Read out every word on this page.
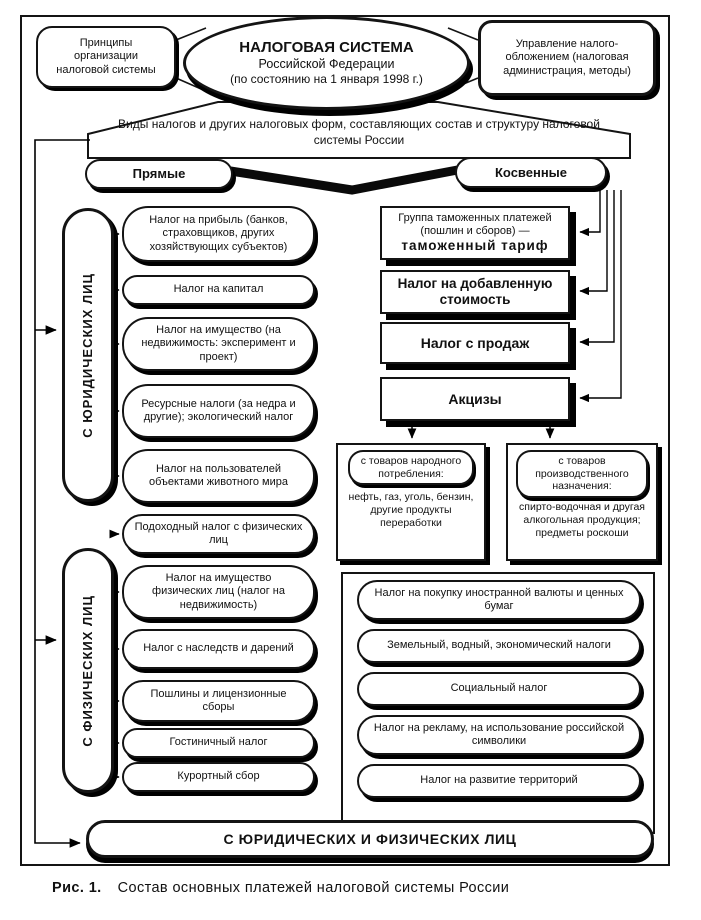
Принципы организации налоговой системы
НАЛОГОВАЯ СИСТЕМА
Российской Федерации
(по состоянию на 1 января 1998 г.)
Управление налого- обложением (налоговая администрация, методы)
Виды налогов и других налоговых форм, составляющих состав и структуру налоговой системы России
Прямые	Косвенные
С ЮРИДИЧЕСКИХ ЛИЦ
С ФИЗИЧЕСКИХ ЛИЦ
Налог на прибыль (банков, страховщиков, других хозяйствующих субъектов)
Налог на капитал
Налог на имущество (на недвижимость: эксперимент и проект)
Ресурсные налоги (за недра и другие); экологический налог
Налог на пользователей объектами животного мира
Подоходный налог с физических лиц
Налог на имущество физических лиц (налог на недвижимость)
Налог с наследств и дарений
Пошлины и лицензионные сборы
Гостиничный налог
Курортный сбор
Группа таможенных платежей (пошлин и сборов) —
таможенный тариф
Налог на добавленную стоимость
Налог с продаж
Акцизы
с товаров народного потребления:
нефть, газ, уголь, бензин, другие продукты переработки
с товаров производственного назначения:
спирто-водочная и другая алкогольная продукция; предметы роскоши
Налог на покупку иностранной валюты и ценных бумаг
Земельный, водный, экономический налоги
Социальный налог
Налог на рекламу, на использование российской символики
Налог на развитие территорий
С ЮРИДИЧЕСКИХ И ФИЗИЧЕСКИХ ЛИЦ
Рис. 1. Состав основных платежей налоговой системы России
